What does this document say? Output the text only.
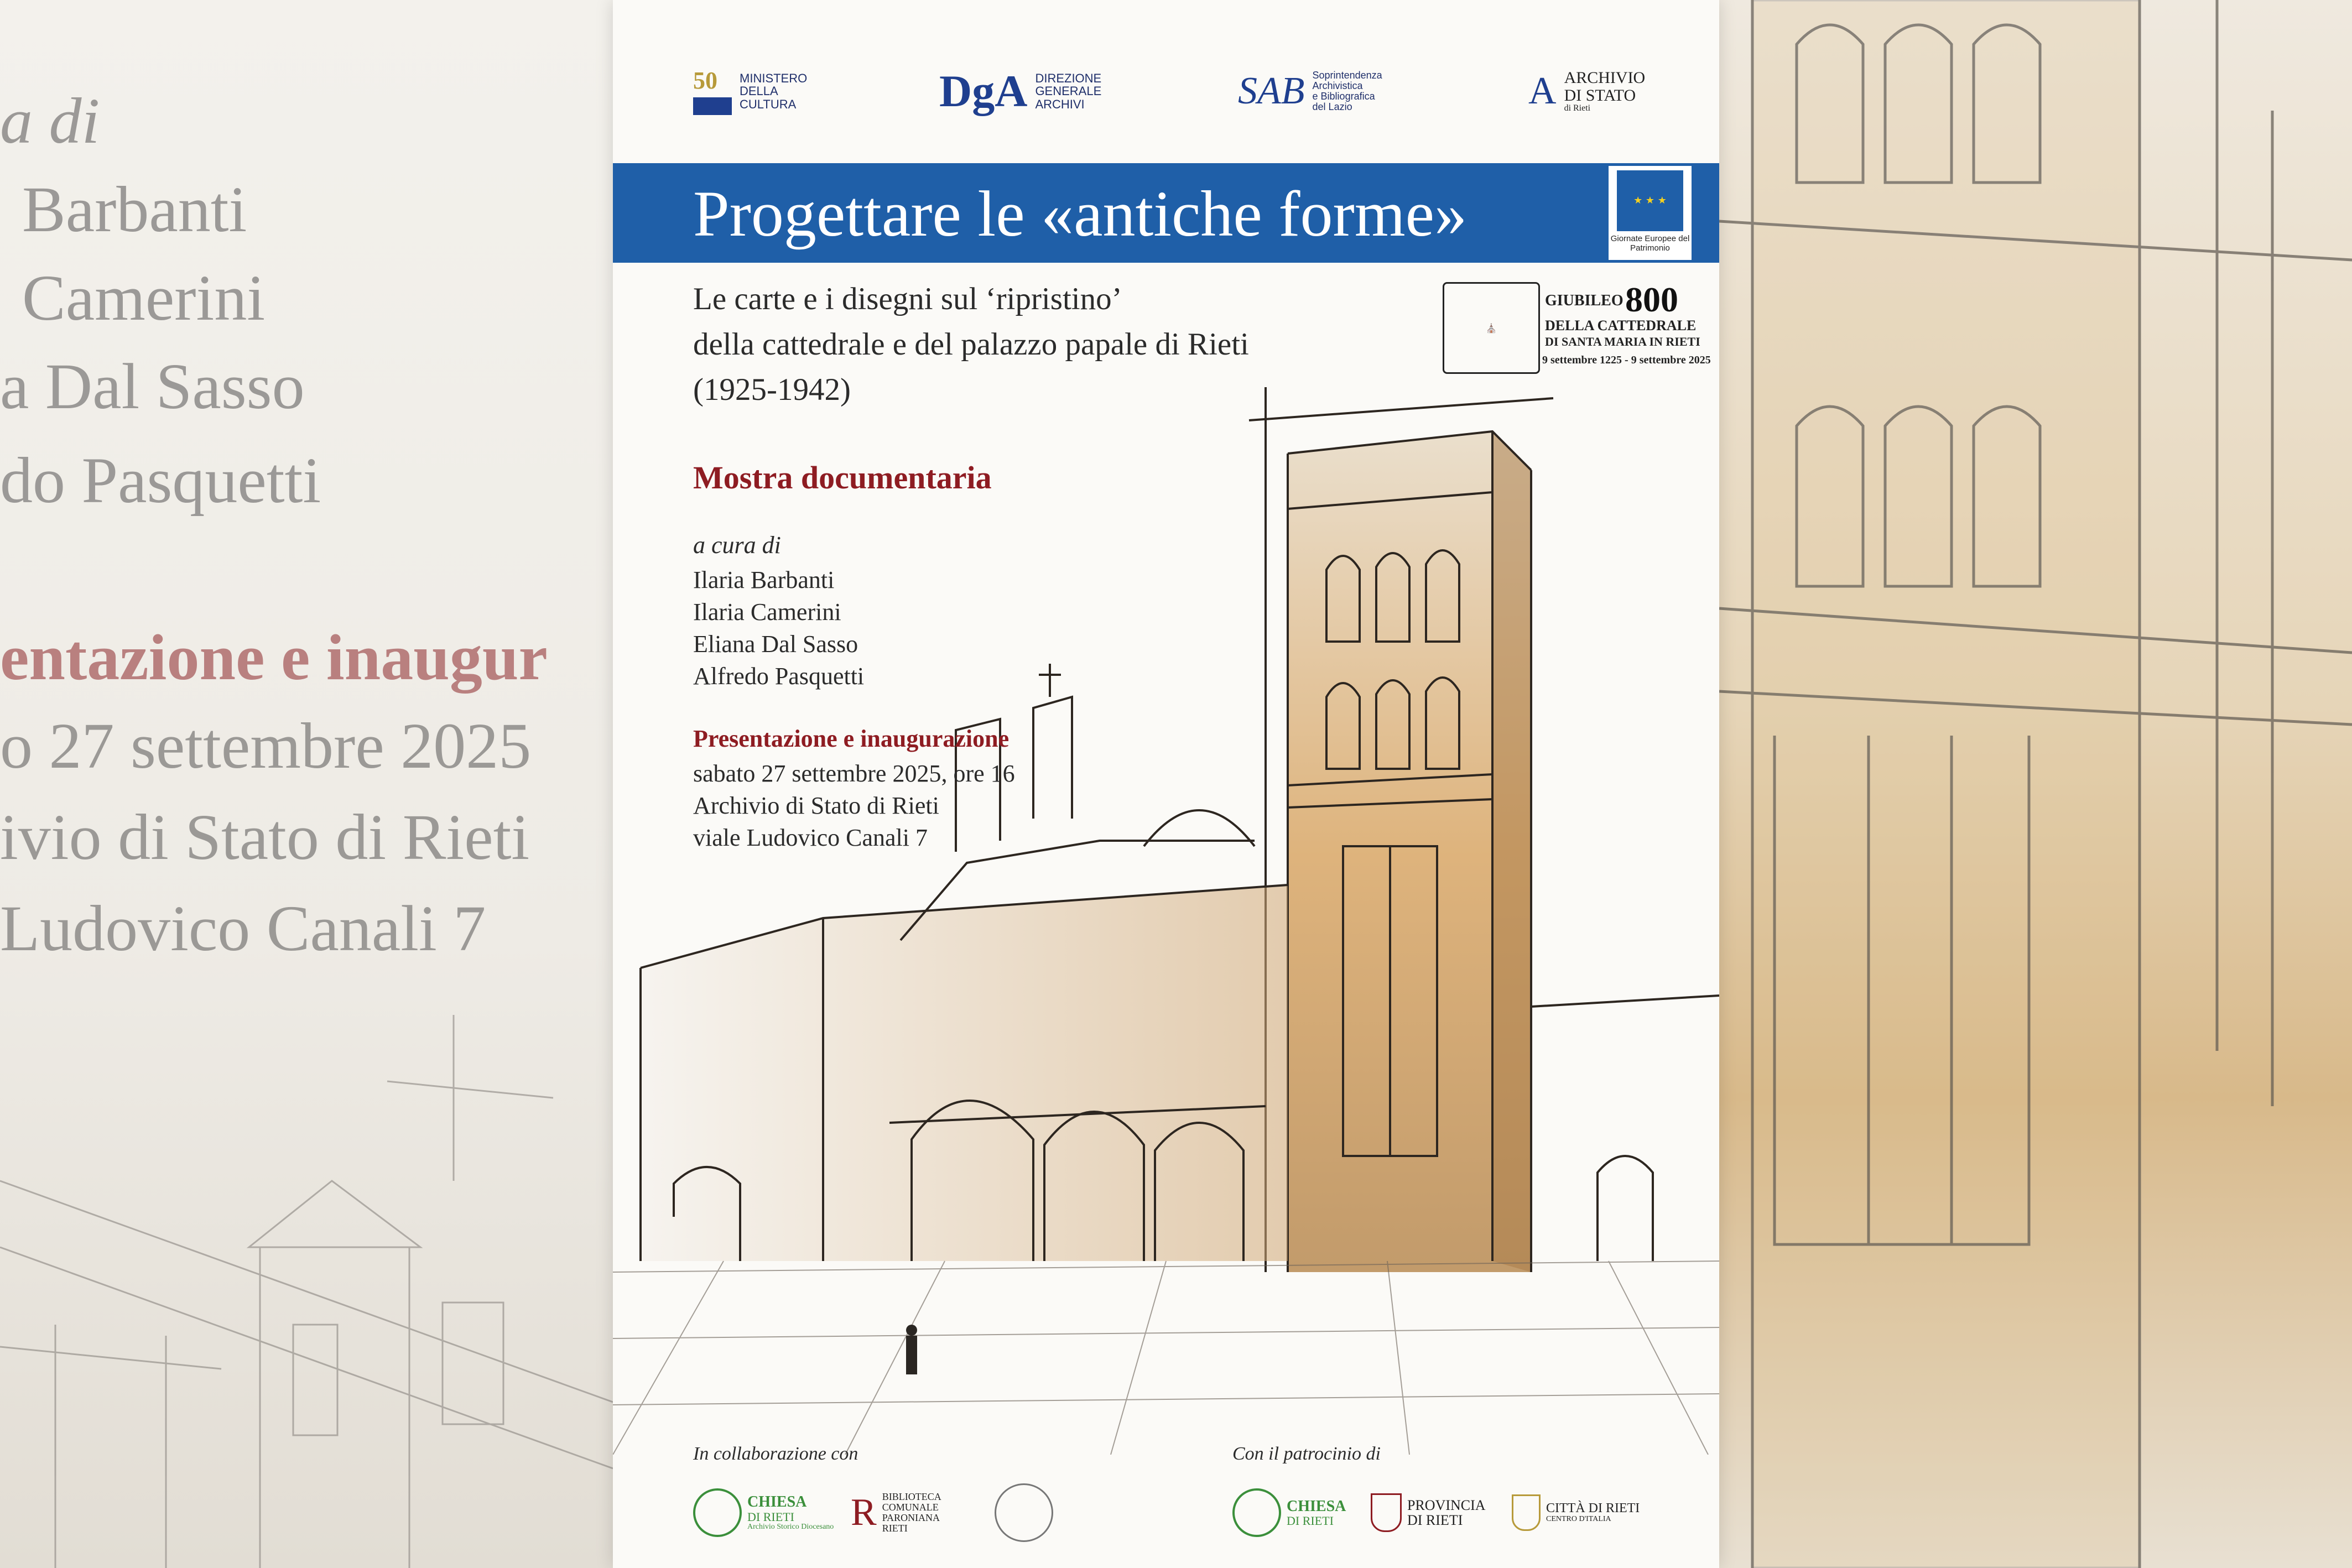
a di
Barbanti
Camerini
a Dal Sasso
do Pasquetti
entazione e inaugur
o 27 settembre 2025
ivio di Stato di Rieti
Ludovico Canali 7
50	MINISTERO
DELLA
CULTURA	DgA DIREZIONE
GENERALE
ARCHIVI	SAB Soprintendenza
Archivistica
e Bibliografica
del Lazio	A ARCHIVIO
DI STATO
di Rieti
Progettare le «antiche forme»	★ ★ ★
Giornate Europee del Patrimonio
Le carte e i disegni sul ‘ripristino’
della cattedrale e del palazzo papale di Rieti
(1925-1942)
⛪
GIUBILEO 800
DELLA CATTEDRALE
DI SANTA MARIA IN RIETI
9 settembre 1225 - 9 settembre 2025
Mostra documentaria
a cura di
Ilaria Barbanti
Ilaria Camerini
Eliana Dal Sasso
Alfredo Pasquetti
Presentazione e inaugurazione
sabato 27 settembre 2025, ore 16
Archivio di Stato di Rieti
viale Ludovico Canali 7
In collaborazione con	Con il patrocinio di
CHIESA
DI RIETI
Archivio Storico Diocesano R BIBLIOTECA
COMUNALE
PARONIANA
RIETI
CHIESA
DI RIETI
PROVINCIA
DI RIETI
CITTÀ DI RIETI
CENTRO D'ITALIA
